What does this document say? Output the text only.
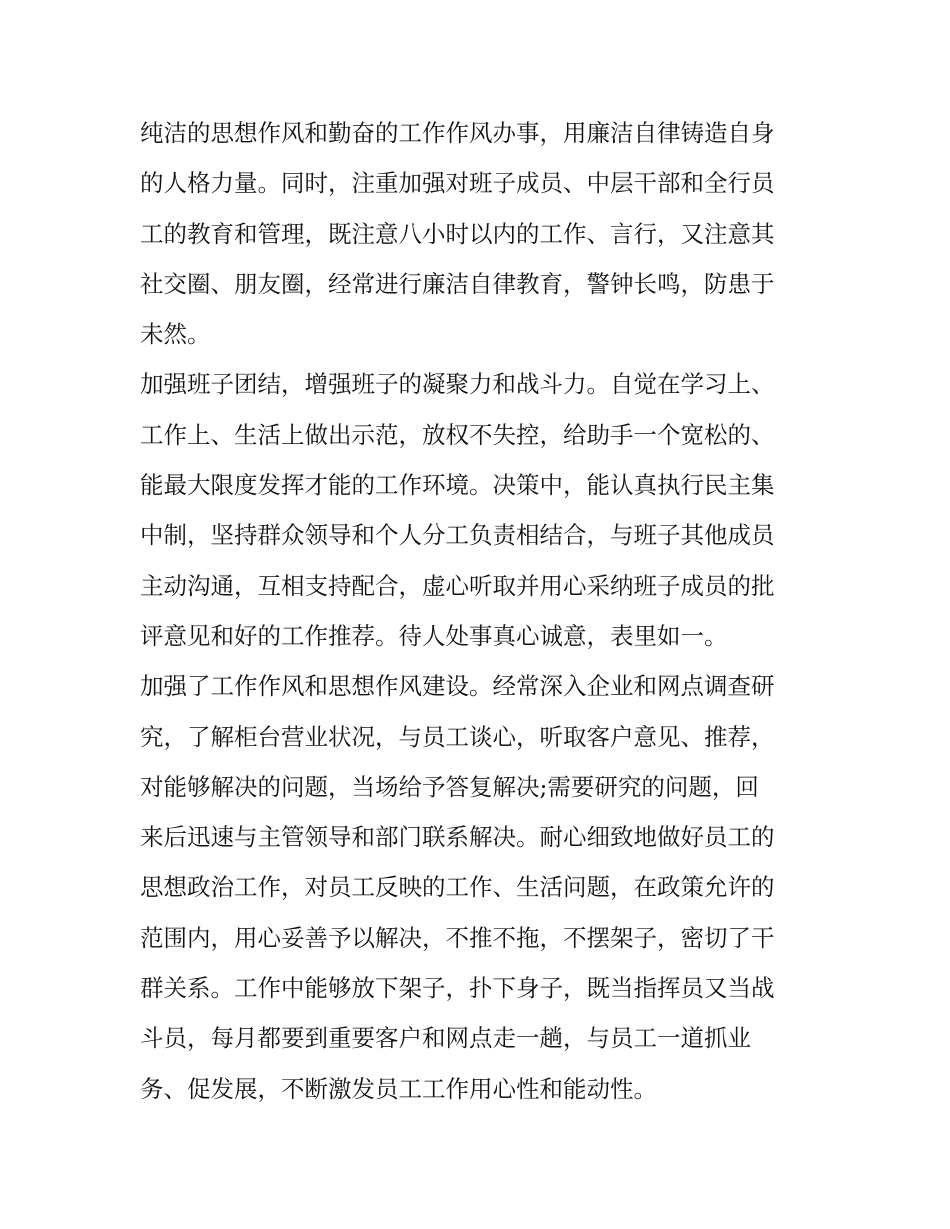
纯洁的思想作风和勤奋的工作作风办事，用廉洁自律铸造自身
的人格力量。同时，注重加强对班子成员、中层干部和全行员
工的教育和管理，既注意八小时以内的工作、言行，又注意其
社交圈、朋友圈，经常进行廉洁自律教育，警钟长鸣，防患于
未然。
加强班子团结，增强班子的凝聚力和战斗力。自觉在学习上、
工作上、生活上做出示范，放权不失控，给助手一个宽松的、
能最大限度发挥才能的工作环境。决策中，能认真执行民主集
中制，坚持群众领导和个人分工负责相结合，与班子其他成员
主动沟通，互相支持配合，虚心听取并用心采纳班子成员的批
评意见和好的工作推荐。待人处事真心诚意，表里如一。
加强了工作作风和思想作风建设。经常深入企业和网点调查研
究，了解柜台营业状况，与员工谈心，听取客户意见、推荐，
对能够解决的问题，当场给予答复解决;需要研究的问题，回
来后迅速与主管领导和部门联系解决。耐心细致地做好员工的
思想政治工作，对员工反映的工作、生活问题，在政策允许的
范围内，用心妥善予以解决，不推不拖，不摆架子，密切了干
群关系。工作中能够放下架子，扑下身子，既当指挥员又当战
斗员，每月都要到重要客户和网点走一趟，与员工一道抓业
务、促发展，不断激发员工工作用心性和能动性。
